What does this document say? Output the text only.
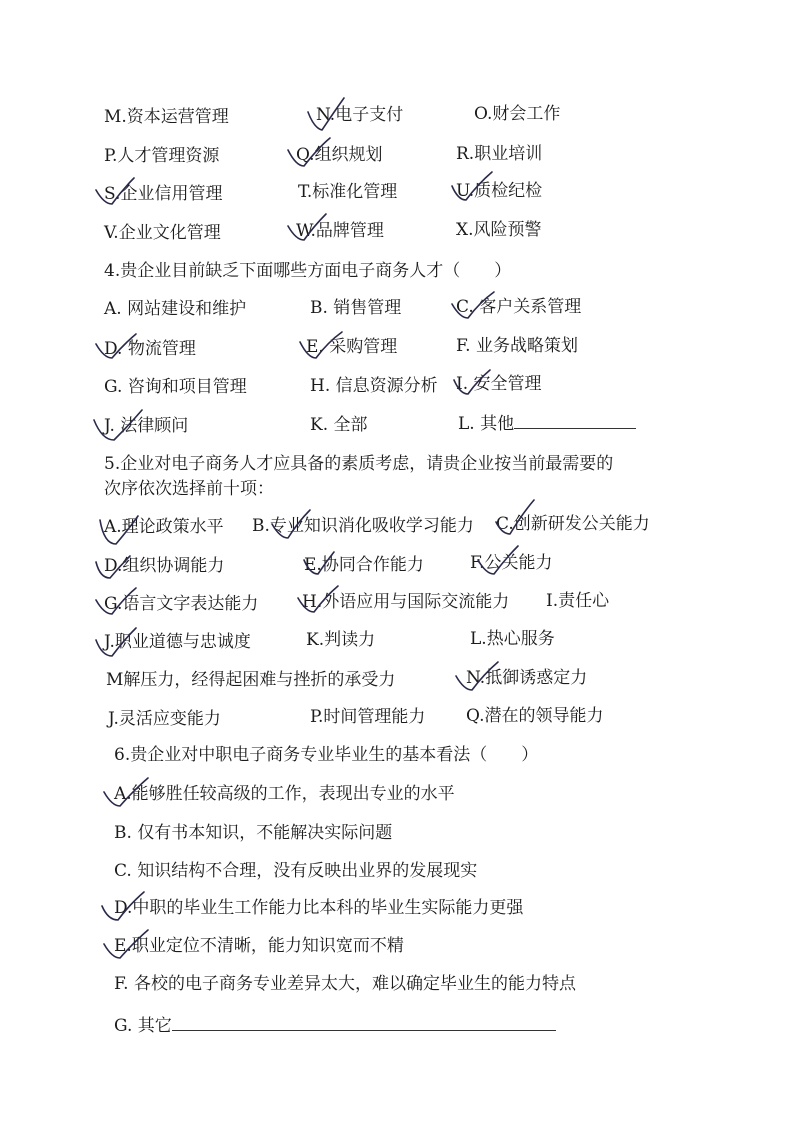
M.资本运营管理	N.电子支付	O.财会工作
P.人才管理资源	Q.组织规划	R.职业培训
S.企业信用管理	T.标准化管理	U.质检纪检
V.企业文化管理	W.品牌管理	X.风险预警
4.贵企业目前缺乏下面哪些方面电子商务人才（　　）
A. 网站建设和维护	B. 销售管理	C. 客户关系管理
D. 物流管理	E. 采购管理	F. 业务战略策划
G. 咨询和项目管理	H. 信息资源分析 I. 安全管理
J. 法律顾问	K. 全部	L. 其他
5.企业对电子商务人才应具备的素质考虑，请贵企业按当前最需要的
次序依次选择前十项：
A.理论政策水平 B.专业知识消化吸收学习能力 C.创新研发公关能力
D.组织协调能力	E.协同合作能力	F.公关能力
G.语言文字表达能力	H.外语应用与国际交流能力 I.责任心
J.职业道德与忠诚度	K.判读力	L.热心服务
M解压力，经得起困难与挫折的承受力	N.抵御诱惑定力
J.灵活应变能力	P.时间管理能力 Q.潜在的领导能力
6.贵企业对中职电子商务专业毕业生的基本看法（　　）
A.能够胜任较高级的工作，表现出专业的水平
B. 仅有书本知识，不能解决实际问题
C. 知识结构不合理，没有反映出业界的发展现实
D.中职的毕业生工作能力比本科的毕业生实际能力更强
E.职业定位不清晰，能力知识宽而不精
F. 各校的电子商务专业差异太大，难以确定毕业生的能力特点
G. 其它
